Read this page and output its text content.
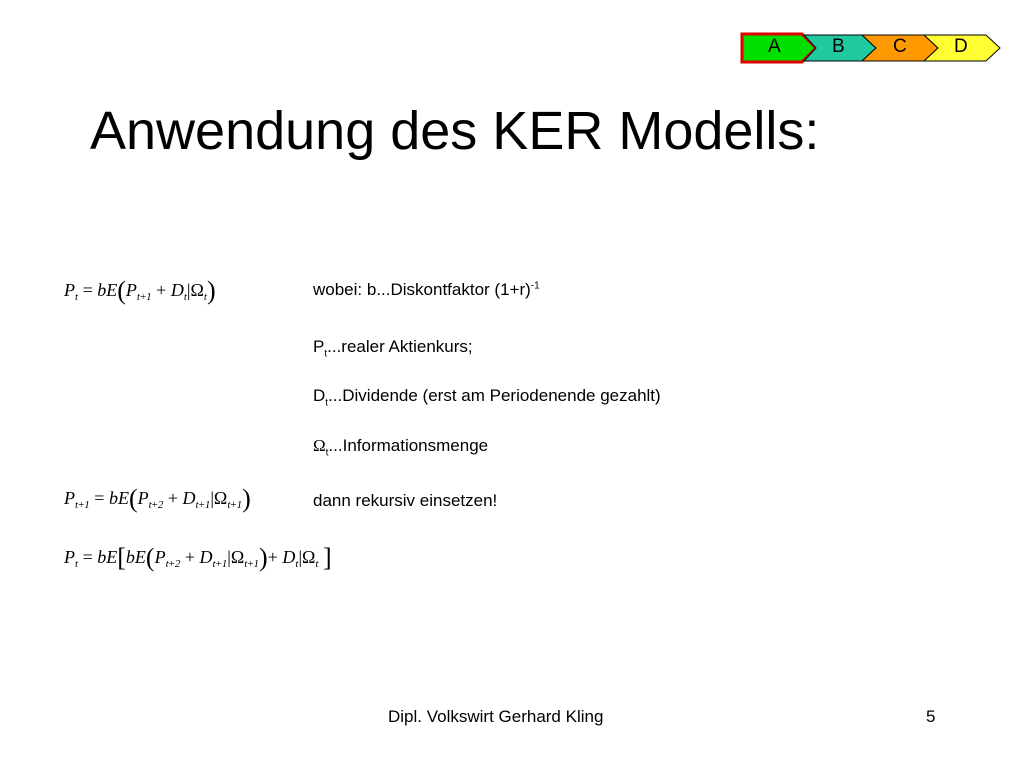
A	B	C D
Anwendung des KER Modells:
$P_t = bE(P_{t+1} + D_t|\Omega_t)$
$P_{t+1} = bE(P_{t+2} + D_{t+1}|\Omega_{t+1})$
$P_t = bE[bE(P_{t+2} + D_{t+1}|\Omega_{t+1})+ D_t|\Omega_t$ ]
wobei: b...Diskontfaktor $(1+r)^{-1}$
$P_t...realer$ Aktienkurs;
$D_t...Dividende$ (erst am Periodenende gezahlt)
$\Omega_t...Informationsmenge$
dann rekursiv einsetzen!
Dipl. Volkswirt Gerhard Kling	5
